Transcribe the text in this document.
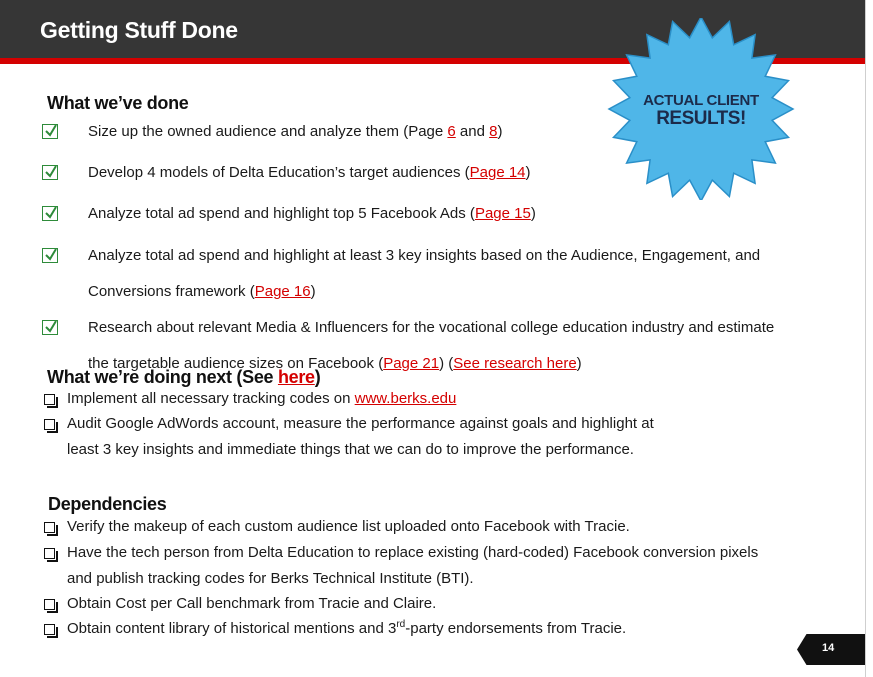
Getting Stuff Done
ACTUAL CLIENT
RESULTS!
What we’ve done
Size up the owned audience and analyze them (Page 6 and 8)
Develop 4 models of Delta Education’s target audiences (Page 14)
Analyze total ad spend and highlight top 5 Facebook Ads (Page 15)
Analyze total ad spend and highlight at least 3 key insights based on the Audience, Engagement, and
Conversions framework (Page 16)
Research about relevant Media & Influencers for the vocational college education industry and estimate
the targetable audience sizes on Facebook (Page 21) (See research here)
What we’re doing next (See here)
Implement all necessary tracking codes on www.berks.edu
Audit Google AdWords account, measure the performance against goals and highlight at
least 3 key insights and immediate things that we can do to improve the performance.
Dependencies
Verify the makeup of each custom audience list uploaded onto Facebook with Tracie.
Have the tech person from Delta Education to replace existing (hard-coded) Facebook conversion pixels
and publish tracking codes for Berks Technical Institute (BTI).
Obtain Cost per Call benchmark from Tracie and Claire.
Obtain content library of historical mentions and 3rd-party endorsements from Tracie.
14
